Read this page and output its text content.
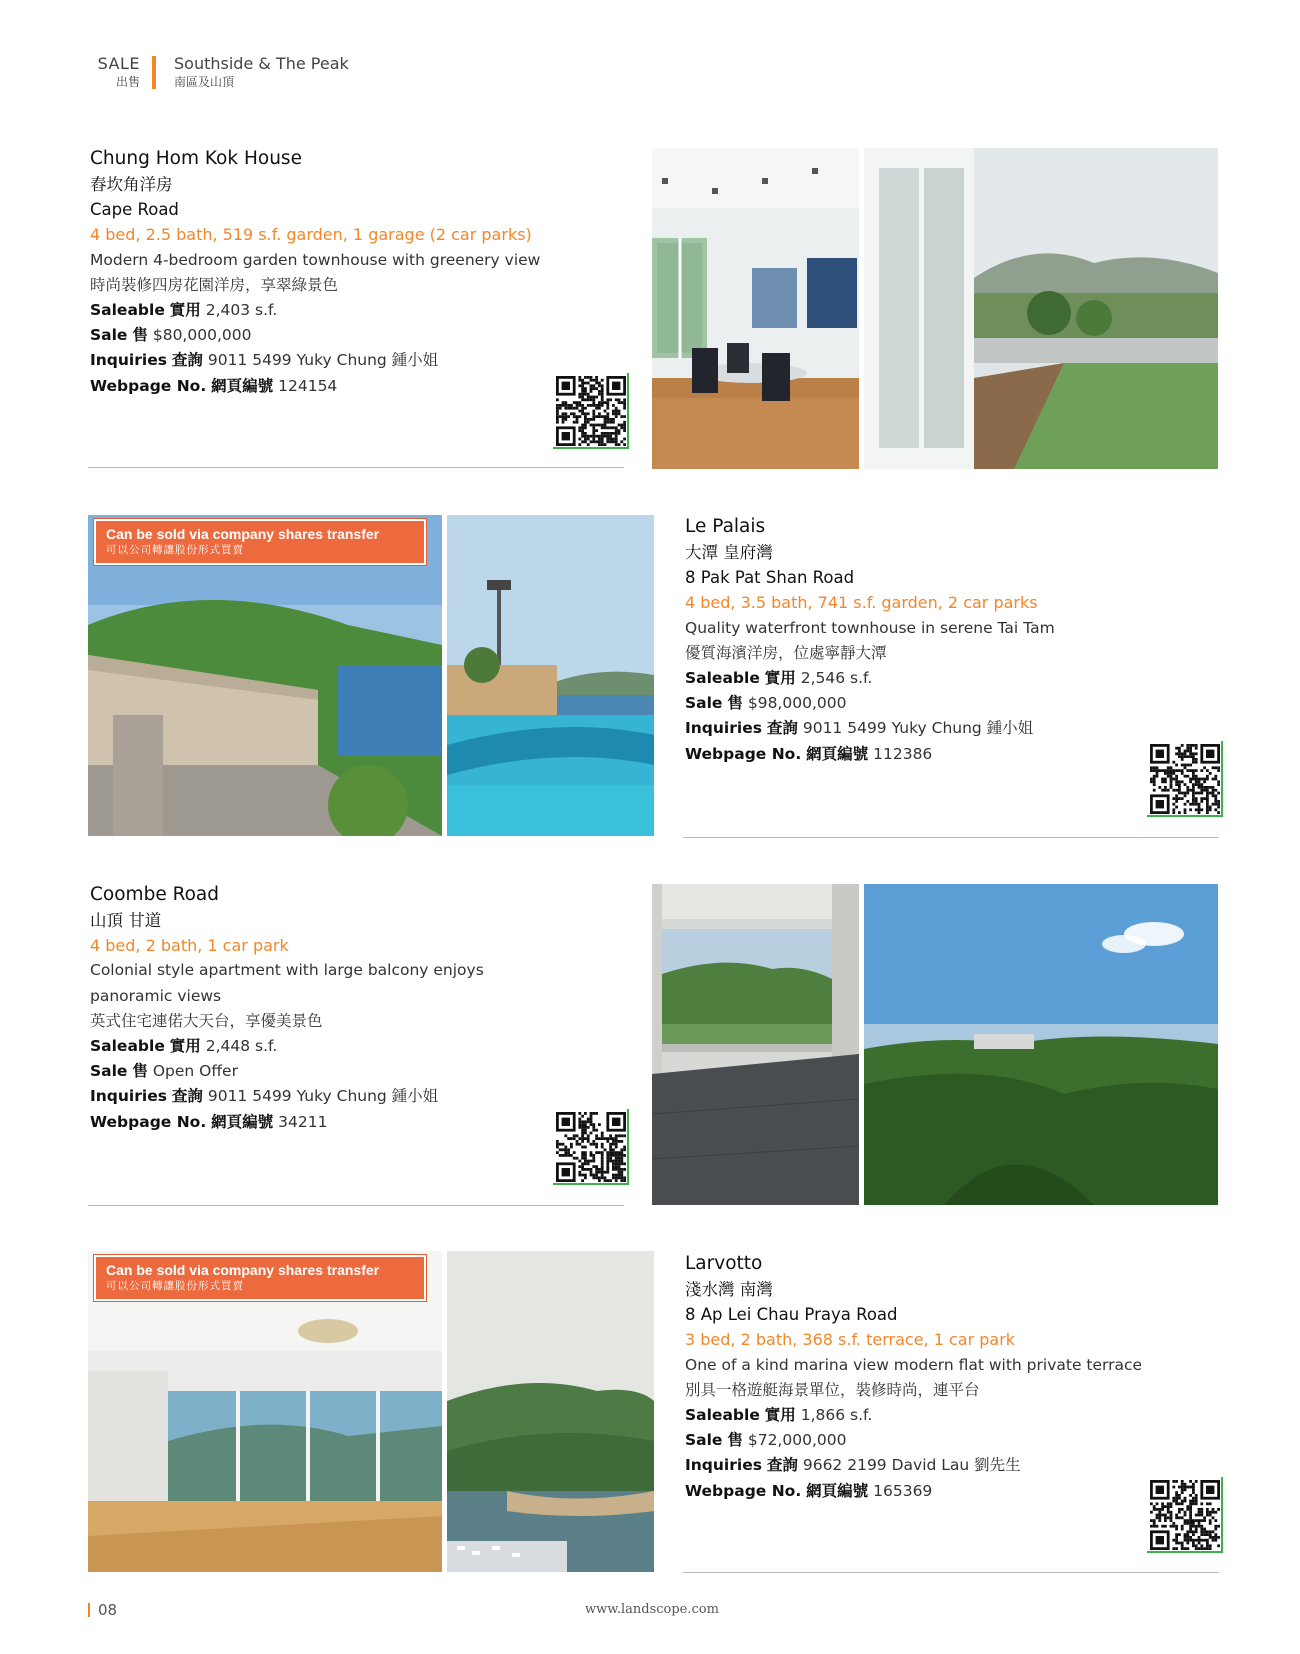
SALE
出售
Southside & The Peak
南區及山頂
Chung Hom Kok House
舂坎角洋房
Cape Road
4 bed, 2.5 bath, 519 s.f. garden, 1 garage (2 car parks)
Modern 4-bedroom garden townhouse with greenery view
時尚裝修四房花園洋房，享翠綠景色
Saleable 實用 2,403 s.f.
Sale 售 $80,000,000
Inquiries 查詢 9011 5499 Yuky Chung 鍾小姐
Webpage No. 網頁編號 124154
Can be sold via company shares transfer
可以公司轉讓股份形式買賣
Le Palais
大潭 皇府灣
8 Pak Pat Shan Road
4 bed, 3.5 bath, 741 s.f. garden, 2 car parks
Quality waterfront townhouse in serene Tai Tam
優質海濱洋房，位處寧靜大潭
Saleable 實用 2,546 s.f.
Sale 售 $98,000,000
Inquiries 查詢 9011 5499 Yuky Chung 鍾小姐
Webpage No. 網頁編號 112386
Coombe Road
山頂 甘道
4 bed, 2 bath, 1 car park
Colonial style apartment with large balcony enjoys panoramic views
英式住宅連偌大天台，享優美景色
Saleable 實用 2,448 s.f.
Sale 售 Open Offer
Inquiries 查詢 9011 5499 Yuky Chung 鍾小姐
Webpage No. 網頁編號 34211
Can be sold via company shares transfer
可以公司轉讓股份形式買賣
Larvotto
淺水灣 南灣
8 Ap Lei Chau Praya Road
3 bed, 2 bath, 368 s.f. terrace, 1 car park
One of a kind marina view modern flat with private terrace
別具一格遊艇海景單位，裝修時尚，連平台
Saleable 實用 1,866 s.f.
Sale 售 $72,000,000
Inquiries 查詢 9662 2199 David Lau 劉先生
Webpage No. 網頁編號 165369
08	www.landscope.com
